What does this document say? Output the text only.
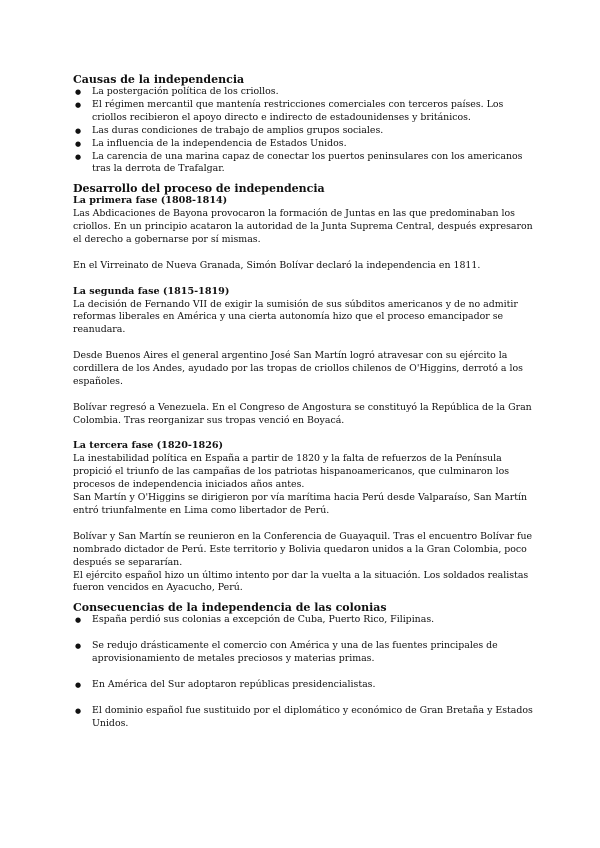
Causas de la independencia
● La postergación política de los criollos.
● El régimen mercantil que mantenía restricciones comerciales con terceros países. Los criollos recibieron el apoyo directo e indirecto de estadounidenses y británicos.
● Las duras condiciones de trabajo de amplios grupos sociales.
● La influencia de la independencia de Estados Unidos.
● La carencia de una marina capaz de conectar los puertos peninsulares con los americanos tras la derrota de Trafalgar.
Desarrollo del proceso de independencia
La primera fase (1808-1814)

Las Abdicaciones de Bayona provocaron la formación de Juntas en las que predominaban los criollos. En un principio acataron la autoridad de la Junta Suprema Central, después expresaron el derecho a gobernarse por sí mismas.

En el Virreinato de Nueva Granada, Simón Bolívar declaró la independencia en 1811.

La segunda fase (1815-1819)

La decisión de Fernando VII de exigir la sumisión de sus súbditos americanos y de no admitir reformas liberales en América y una cierta autonomía hizo que el proceso emancipador se reanudara.

Desde Buenos Aires el general argentino José San Martín logró atravesar con su ejército la cordillera de los Andes, ayudado por las tropas de criollos chilenos de O'Higgins, derrotó a los españoles.

Bolívar regresó a Venezuela. En el Congreso de Angostura se constituyó la República de la Gran Colombia. Tras reorganizar sus tropas venció en Boyacá.

La tercera fase (1820-1826)

La inestabilidad política en España a partir de 1820 y la falta de refuerzos de la Península propició el triunfo de las campañas de los patriotas hispanoamericanos, que culminaron los procesos de independencia iniciados años antes.

San Martín y O'Higgins se dirigieron por vía marítima hacia Perú desde Valparaíso, San Martín entró triunfalmente en Lima como libertador de Perú.

Bolívar y San Martín se reunieron en la Conferencia de Guayaquil. Tras el encuentro Bolívar fue nombrado dictador de Perú. Este territorio y Bolivia quedaron unidos a la Gran Colombia, poco después se separarían.

El ejército español hizo un último intento por dar la vuelta a la situación. Los soldados realistas fueron vencidos en Ayacucho, Perú.

Consecuencias de la independencia de las colonias
● España perdió sus colonias a excepción de Cuba, Puerto Rico, Filipinas.
● Se redujo drásticamente el comercio con América y una de las fuentes principales de aprovisionamiento de metales preciosos y materias primas.
● En América del Sur adoptaron repúblicas presidencialistas.
● El dominio español fue sustituido por el diplomático y económico de Gran Bretaña y Estados Unidos.
